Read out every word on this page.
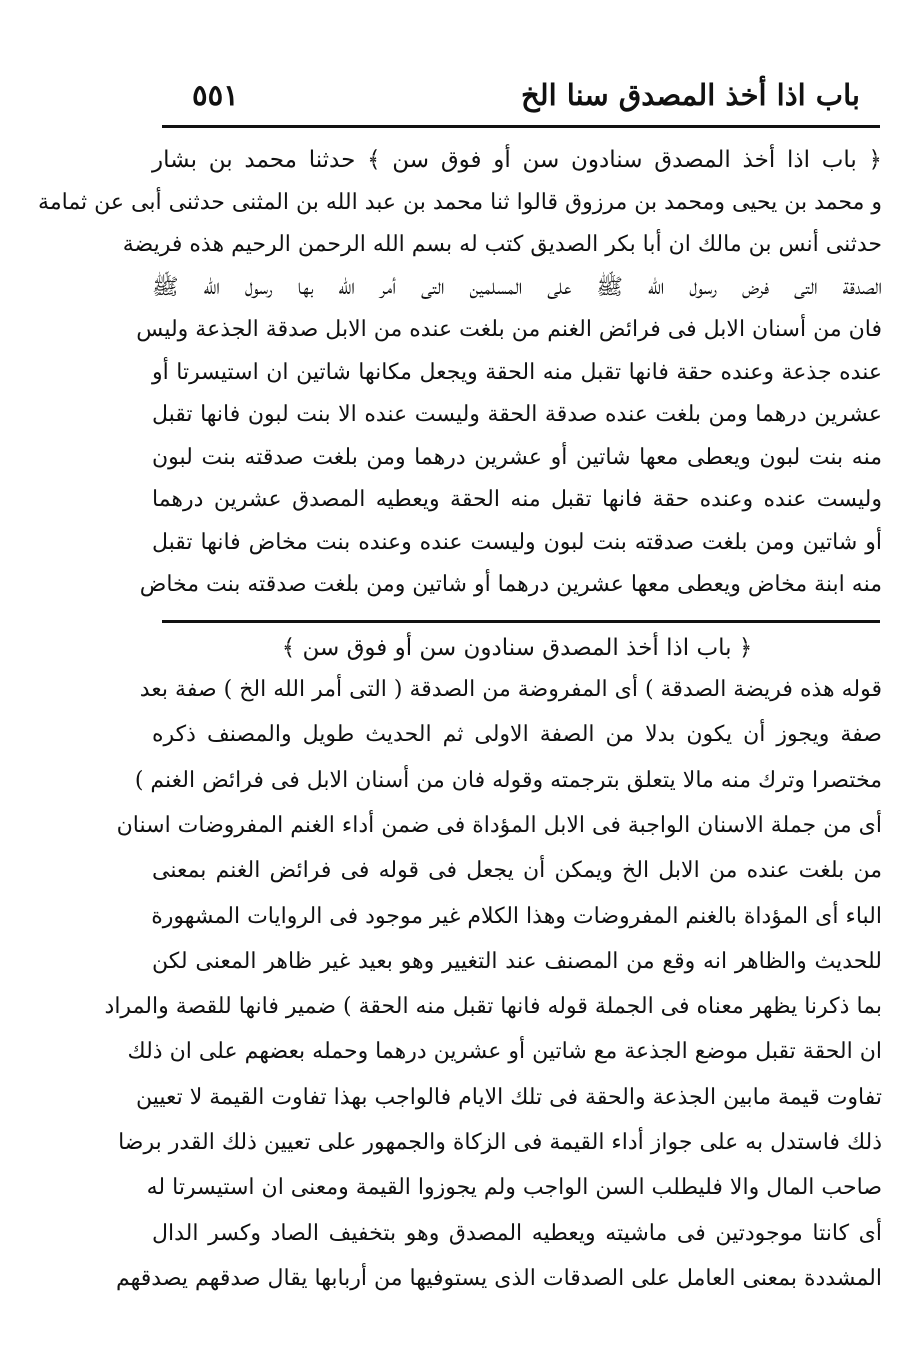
باب اذا أخذ المصدق سنا الخ
٥٥١
﴿ باب اذا أخذ المصدق سنادون سن أو فوق سن ﴾ حدثنا محمد بن بشار
و محمد بن يحيى ومحمد بن مرزوق قالوا ثنا محمد بن عبد الله بن المثنى حدثنى أبى عن ثمامة
حدثنى أنس بن مالك ان أبا بكر الصديق كتب له بسم الله الرحمن الرحيم هذه فريضة
الصدقة التى فرض رسول الله ﷺ على المسلمين التى أمر الله بها رسول الله ﷺ
فان من أسنان الابل فى فرائض الغنم من بلغت عنده من الابل صدقة الجذعة وليس
عنده جذعة وعنده حقة فانها تقبل منه الحقة ويجعل مكانها شاتين ان استيسرتا أو
عشرين درهما ومن بلغت عنده صدقة الحقة وليست عنده الا بنت لبون فانها تقبل
منه بنت لبون ويعطى معها شاتين أو عشرين درهما ومن بلغت صدقته بنت لبون
وليست عنده وعنده حقة فانها تقبل منه الحقة ويعطيه المصدق عشرين درهما
أو شاتين ومن بلغت صدقته بنت لبون وليست عنده وعنده بنت مخاض فانها تقبل
منه ابنة مخاض ويعطى معها عشرين درهما أو شاتين ومن بلغت صدقته بنت مخاض
﴿ باب اذا أخذ المصدق سنادون سن أو فوق سن ﴾
قوله هذه فريضة الصدقة ) أى المفروضة من الصدقة ( التى أمر الله الخ ) صفة بعد
صفة ويجوز أن يكون بدلا من الصفة الاولى ثم الحديث طويل والمصنف ذكره
مختصرا وترك منه مالا يتعلق بترجمته وقوله فان من أسنان الابل فى فرائض الغنم )
أى من جملة الاسنان الواجبة فى الابل المؤداة فى ضمن أداء الغنم المفروضات اسنان
من بلغت عنده من الابل الخ ويمكن أن يجعل فى قوله فى فرائض الغنم بمعنى
الباء أى المؤداة بالغنم المفروضات وهذا الكلام غير موجود فى الروايات المشهورة
للحديث والظاهر انه وقع من المصنف عند التغيير وهو بعيد غير ظاهر المعنى لكن
بما ذكرنا يظهر معناه فى الجملة قوله فانها تقبل منه الحقة ) ضمير فانها للقصة والمراد
ان الحقة تقبل موضع الجذعة مع شاتين أو عشرين درهما وحمله بعضهم على ان ذلك
تفاوت قيمة مابين الجذعة والحقة فى تلك الايام فالواجب بهذا تفاوت القيمة لا تعيين
ذلك فاستدل به على جواز أداء القيمة فى الزكاة والجمهور على تعيين ذلك القدر برضا
صاحب المال والا فليطلب السن الواجب ولم يجوزوا القيمة ومعنى ان استيسرتا له
أى كانتا موجودتين فى ماشيته ويعطيه المصدق وهو بتخفيف الصاد وكسر الدال
المشددة بمعنى العامل على الصدقات الذى يستوفيها من أربابها يقال صدقهم يصدقهم
